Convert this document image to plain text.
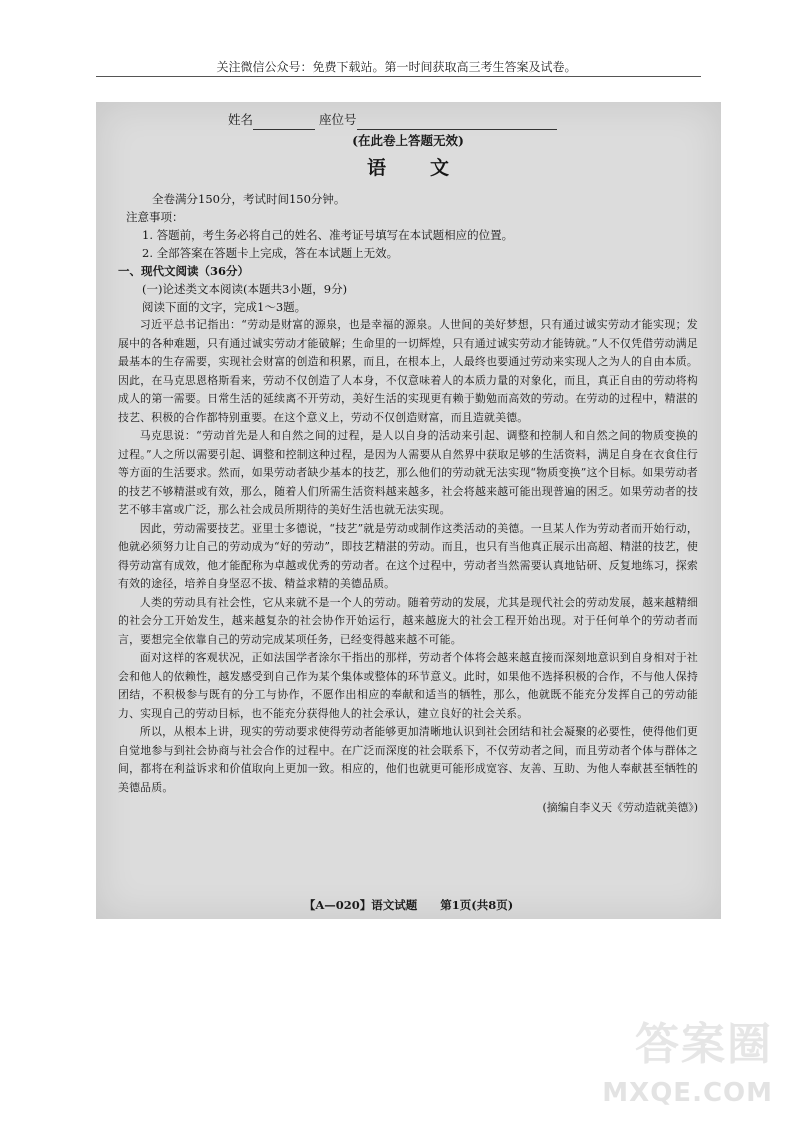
关注微信公众号：免费下载站。第一时间获取高三考生答案及试卷。
姓名	座位号
(在此卷上答题无效)
语文
全卷满分150分，考试时间150分钟。
注意事项：
1. 答题前，考生务必将自己的姓名、准考证号填写在本试题相应的位置。
2. 全部答案在答题卡上完成，答在本试题上无效。
一、现代文阅读（36分）
(一)论述类文本阅读(本题共3小题，9分)
阅读下面的文字，完成1～3题。

习近平总书记指出：“劳动是财富的源泉，也是幸福的源泉。人世间的美好梦想，只有通过诚实劳动才能实现；发展中的各种难题，只有通过诚实劳动才能破解；生命里的一切辉煌，只有通过诚实劳动才能铸就。”人不仅凭借劳动满足最基本的生存需要，实现社会财富的创造和积累，而且，在根本上，人最终也要通过劳动来实现人之为人的自由本质。因此，在马克思恩格斯看来，劳动不仅创造了人本身，不仅意味着人的本质力量的对象化，而且，真正自由的劳动将构成人的第一需要。日常生活的延续离不开劳动，美好生活的实现更有赖于勤勉而高效的劳动。在劳动的过程中，精湛的技艺、积极的合作都特别重要。在这个意义上，劳动不仅创造财富，而且造就美德。

马克思说：“劳动首先是人和自然之间的过程，是人以自身的活动来引起、调整和控制人和自然之间的物质变换的过程。”人之所以需要引起、调整和控制这种过程，是因为人需要从自然界中获取足够的生活资料，满足自身在衣食住行等方面的生活要求。然而，如果劳动者缺少基本的技艺，那么他们的劳动就无法实现“物质变换”这个目标。如果劳动者的技艺不够精湛或有效，那么，随着人们所需生活资料越来越多，社会将越来越可能出现普遍的困乏。如果劳动者的技艺不够丰富或广泛，那么社会成员所期待的美好生活也就无法实现。

因此，劳动需要技艺。亚里士多德说，“技艺”就是劳动或制作这类活动的美德。一旦某人作为劳动者而开始行动，他就必须努力让自己的劳动成为“好的劳动”，即技艺精湛的劳动。而且，也只有当他真正展示出高超、精湛的技艺，使得劳动富有成效，他才能配称为卓越或优秀的劳动者。在这个过程中，劳动者当然需要认真地钻研、反复地练习，探索有效的途径，培养自身坚忍不拔、精益求精的美德品质。

人类的劳动具有社会性，它从来就不是一个人的劳动。随着劳动的发展，尤其是现代社会的劳动发展，越来越精细的社会分工开始发生，越来越复杂的社会协作开始运行，越来越庞大的社会工程开始出现。对于任何单个的劳动者而言，要想完全依靠自己的劳动完成某项任务，已经变得越来越不可能。

面对这样的客观状况，正如法国学者涂尔干指出的那样，劳动者个体将会越来越直接而深刻地意识到自身相对于社会和他人的依赖性，越发感受到自己作为某个集体或整体的环节意义。此时，如果他不选择积极的合作，不与他人保持团结，不积极参与既有的分工与协作，不愿作出相应的奉献和适当的牺牲，那么，他就既不能充分发挥自己的劳动能力、实现自己的劳动目标，也不能充分获得他人的社会承认，建立良好的社会关系。

所以，从根本上讲，现实的劳动要求使得劳动者能够更加清晰地认识到社会团结和社会凝聚的必要性，使得他们更自觉地参与到社会协商与社会合作的过程中。在广泛而深度的社会联系下，不仅劳动者之间，而且劳动者个体与群体之间，都将在利益诉求和价值取向上更加一致。相应的，他们也就更可能形成宽容、友善、互助、为他人奉献甚至牺牲的美德品质。

(摘编自李义天《劳动造就美德》)
【A—020】语文试题　　第1页(共8页)
答案圈
MXQE.COM
